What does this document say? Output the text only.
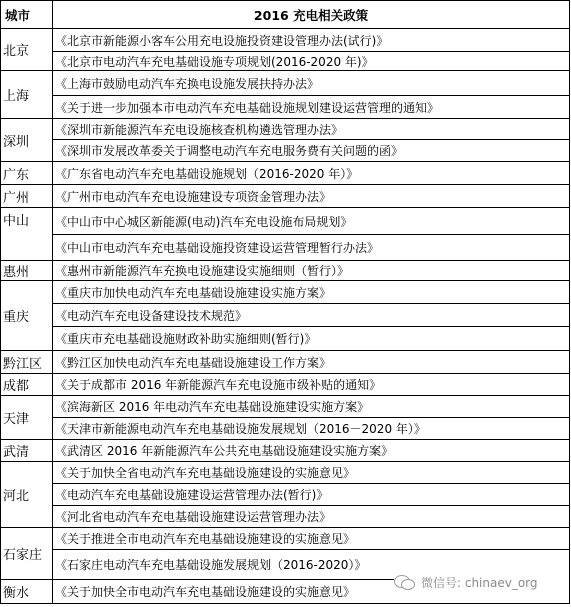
城市	2016 充电相关政策
北京	《北京市新能源小客车公用充电设施投资建设管理办法(试行)》
	《北京市电动汽车充电基础设施专项规划(2016-2020 年)》
上海	《上海市鼓励电动汽车充换电设施发展扶持办法》
	《关于进一步加强本市电动汽车充电基础设施规划建设运营管理的通知》
深圳	《深圳市新能源汽车充电设施核查机构遴选管理办法》
	《深圳市发展改革委关于调整电动汽车充电服务费有关问题的函》
广东	《广东省电动汽车充电基础设施规划（2016-2020 年）》
广州	《广州市电动汽车充电设施建设专项资金管理办法》
中山	《中山市中心城区新能源(电动)汽车充电设施布局规划》
	《中山市电动汽车充电基础设施投资建设运营管理暂行办法》
惠州	《惠州市新能源汽车充换电设施建设实施细则（暂行）》
重庆	《重庆市加快电动汽车充电基础设施建设实施方案》
	《电动汽车充电设备建设技术规范》
	《重庆市充电基础设施财政补助实施细则(暂行)》
黔江区	《黔江区加快电动汽车充电基础设施建设工作方案》
成都	《关于成都市 2016 年新能源汽车充电设施市级补贴的通知》
天津	《滨海新区 2016 年电动汽车充电基础设施建设实施方案》
	《天津市新能源电动汽车充电基础设施发展规划（2016－2020 年）》
武清	《武清区 2016 年新能源汽车公共充电基础设施建设实施方案》
河北	《关于加快全省电动汽车充电基础设施建设的实施意见》
	《电动汽车充电基础设施建设运营管理办法(暂行)》
	《河北省电动汽车充电基础设施建设运营管理办法》
石家庄	《关于推进全市电动汽车充电基础设施建设的实施意见》
	《石家庄电动汽车充电基础设施发展规划（2016-2020）》
衡水	《关于加快全市电动汽车充电基础设施建设的实施意见》
微信号: chinaev_org
